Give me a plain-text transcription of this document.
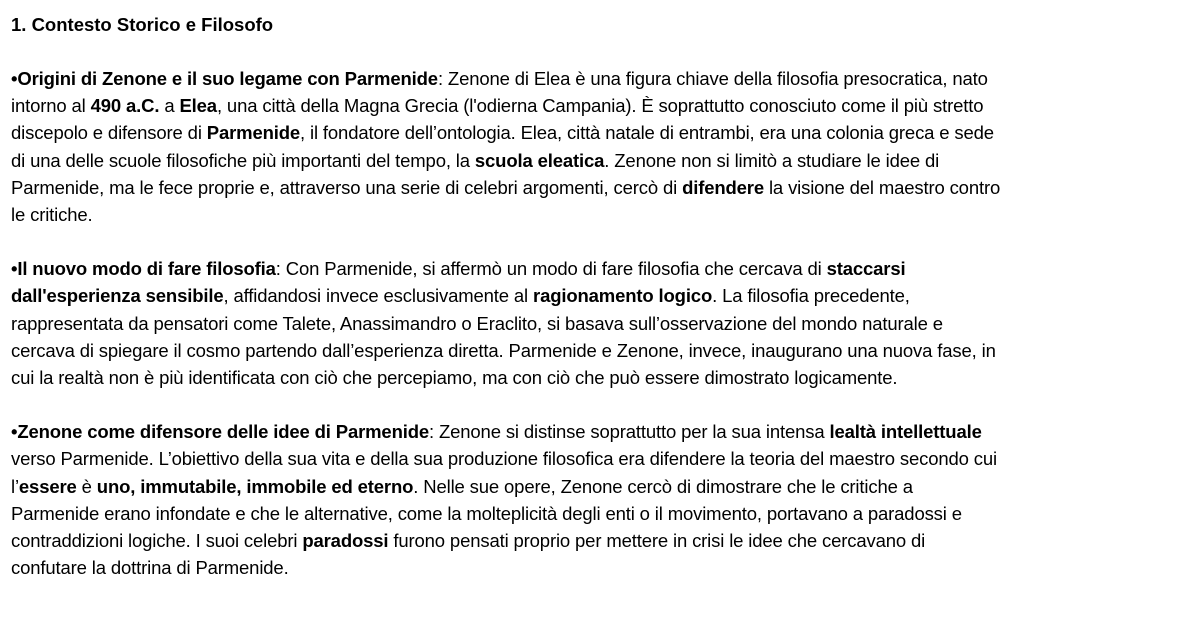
1. Contesto Storico e Filosofo
•Origini di Zenone e il suo legame con Parmenide: Zenone di Elea è una figura chiave della filosofia presocratica, nato
intorno al 490 a.C. a Elea, una città della Magna Grecia (l'odierna Campania). È soprattutto conosciuto come il più stretto
discepolo e difensore di Parmenide, il fondatore dell’ontologia. Elea, città natale di entrambi, era una colonia greca e sede
di una delle scuole filosofiche più importanti del tempo, la scuola eleatica. Zenone non si limitò a studiare le idee di
Parmenide, ma le fece proprie e, attraverso una serie di celebri argomenti, cercò di difendere la visione del maestro contro
le critiche.
•Il nuovo modo di fare filosofia: Con Parmenide, si affermò un modo di fare filosofia che cercava di staccarsi
dall'esperienza sensibile, affidandosi invece esclusivamente al ragionamento logico. La filosofia precedente,
rappresentata da pensatori come Talete, Anassimandro o Eraclito, si basava sull’osservazione del mondo naturale e
cercava di spiegare il cosmo partendo dall’esperienza diretta. Parmenide e Zenone, invece, inaugurano una nuova fase, in
cui la realtà non è più identificata con ciò che percepiamo, ma con ciò che può essere dimostrato logicamente.
•Zenone come difensore delle idee di Parmenide: Zenone si distinse soprattutto per la sua intensa lealtà intellettuale
verso Parmenide. L’obiettivo della sua vita e della sua produzione filosofica era difendere la teoria del maestro secondo cui
l’essere è uno, immutabile, immobile ed eterno. Nelle sue opere, Zenone cercò di dimostrare che le critiche a
Parmenide erano infondate e che le alternative, come la molteplicità degli enti o il movimento, portavano a paradossi e
contraddizioni logiche. I suoi celebri paradossi furono pensati proprio per mettere in crisi le idee che cercavano di
confutare la dottrina di Parmenide.
